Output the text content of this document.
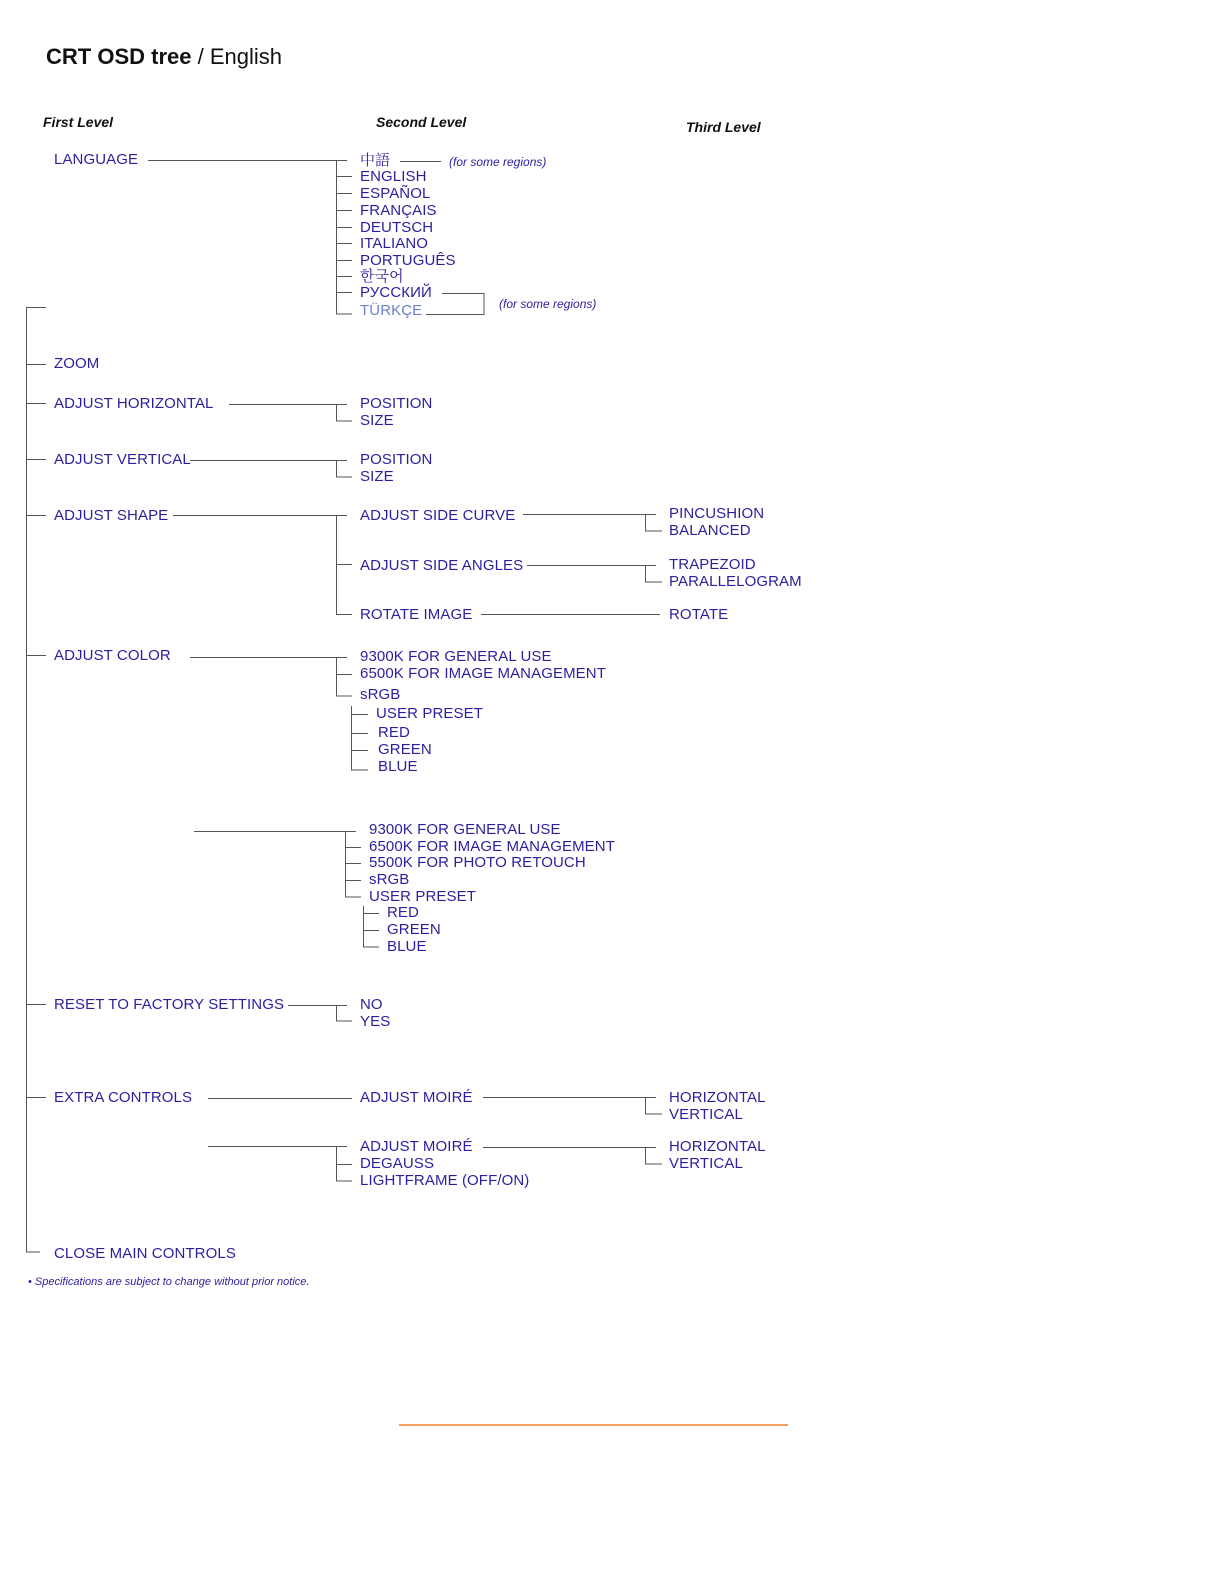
CRT OSD tree / English
First Level	Second Level	Third Level
LANGUAGE
ZOOM
ADJUST HORIZONTAL
ADJUST VERTICAL
ADJUST SHAPE
ADJUST COLOR
RESET TO FACTORY SETTINGS
EXTRA CONTROLS
CLOSE MAIN CONTROLS
中語	(for some regions)
ENGLISH
ESPAÑOL
FRANÇAIS
DEUTSCH
ITALIANO
PORTUGUÊS
한국어
РУССКИЙ
TÜRKÇE	(for some regions)
POSITION
SIZE
POSITION
SIZE
ADJUST SIDE CURVE	PINCUSHION
BALANCED
ADJUST SIDE ANGLES	TRAPEZOID
PARALLELOGRAM
ROTATE IMAGE	ROTATE
9300K FOR GENERAL USE
6500K FOR IMAGE MANAGEMENT
sRGB
USER PRESET
RED
GREEN
BLUE
9300K FOR GENERAL USE
6500K FOR IMAGE MANAGEMENT
5500K FOR PHOTO RETOUCH
sRGB
USER PRESET
RED
GREEN
BLUE
NO
YES
ADJUST MOIRÉ	HORIZONTAL
VERTICAL
ADJUST MOIRÉ	HORIZONTAL
VERTICAL
DEGAUSS
LIGHTFRAME (OFF/ON)
• Specifications are subject to change without prior notice.
